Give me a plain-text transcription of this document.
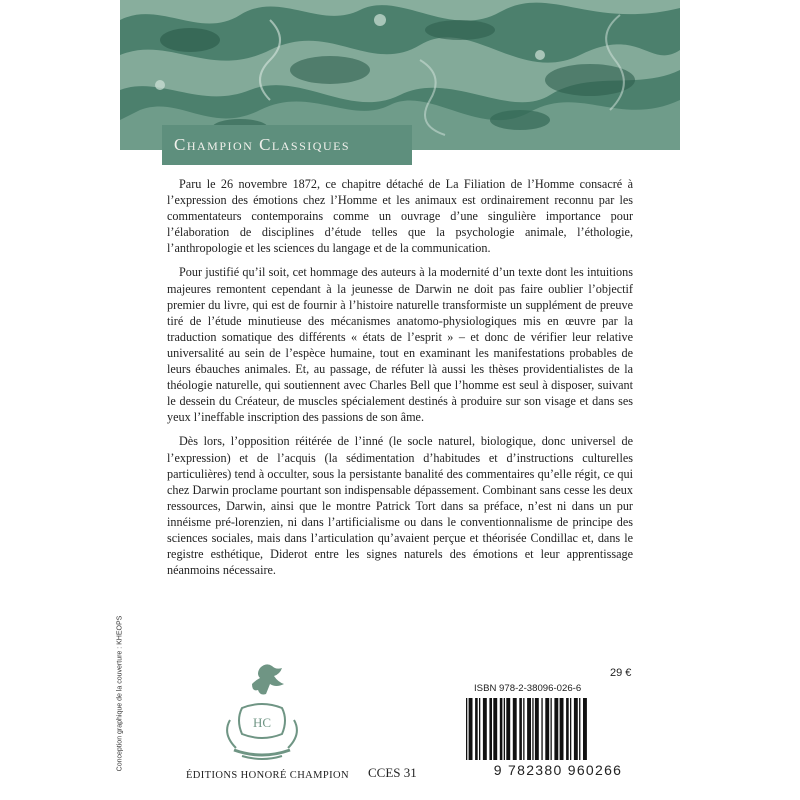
Champion Classiques

Paru le 26 novembre 1872, ce chapitre détaché de La Filiation de l’Homme consacré à l’expression des émotions chez l’Homme et les animaux est ordinairement reconnu par les commentateurs contemporains comme un ouvrage d’une singulière importance pour l’élaboration de disciplines d’étude telles que la psychologie animale, l’éthologie, l’anthropologie et les sciences du langage et de la communication.

Pour justifié qu’il soit, cet hommage des auteurs à la modernité d’un texte dont les intuitions majeures remontent cependant à la jeunesse de Darwin ne doit pas faire oublier l’objectif premier du livre, qui est de fournir à l’histoire naturelle transformiste un supplément de preuve tiré de l’étude minutieuse des mécanismes anatomo-physiologiques mis en œuvre par la traduction somatique des différents « états de l’esprit » – et donc de vérifier leur relative universalité au sein de l’espèce humaine, tout en examinant les manifestations probables de leurs ébauches animales. Et, au passage, de réfuter là aussi les thèses providentialistes de la théologie naturelle, qui soutiennent avec Charles Bell que l’homme est seul à disposer, suivant le dessein du Créateur, de muscles spécialement destinés à produire sur son visage et dans ses yeux l’ineffable inscription des passions de son âme.

Dès lors, l’opposition réitérée de l’inné (le socle naturel, biologique, donc universel de l’expression) et de l’acquis (la sédimentation d’habitudes et d’instructions culturelles particulières) tend à occulter, sous la persistante banalité des commentaires qu’elle régit, ce qui chez Darwin proclame pourtant son indispensable dépassement. Combinant sans cesse les deux ressources, Darwin, ainsi que le montre Patrick Tort dans sa préface, n’est ni dans un pur innéisme pré-lorenzien, ni dans l’artificialisme ou dans le conventionnalisme de principe des sciences sociales, mais dans l’articulation qu’avaient perçue et théorisée Condillac et, dans le registre esthétique, Diderot entre les signes naturels des émotions et leur apprentissage néanmoins nécessaire.

Conception graphique de la couverture : KHEOPS	HC
ÉDITIONS HONORÉ CHAMPION	CCES 31
29 €
ISBN 978-2-38096-026-6
9 782380 960266
